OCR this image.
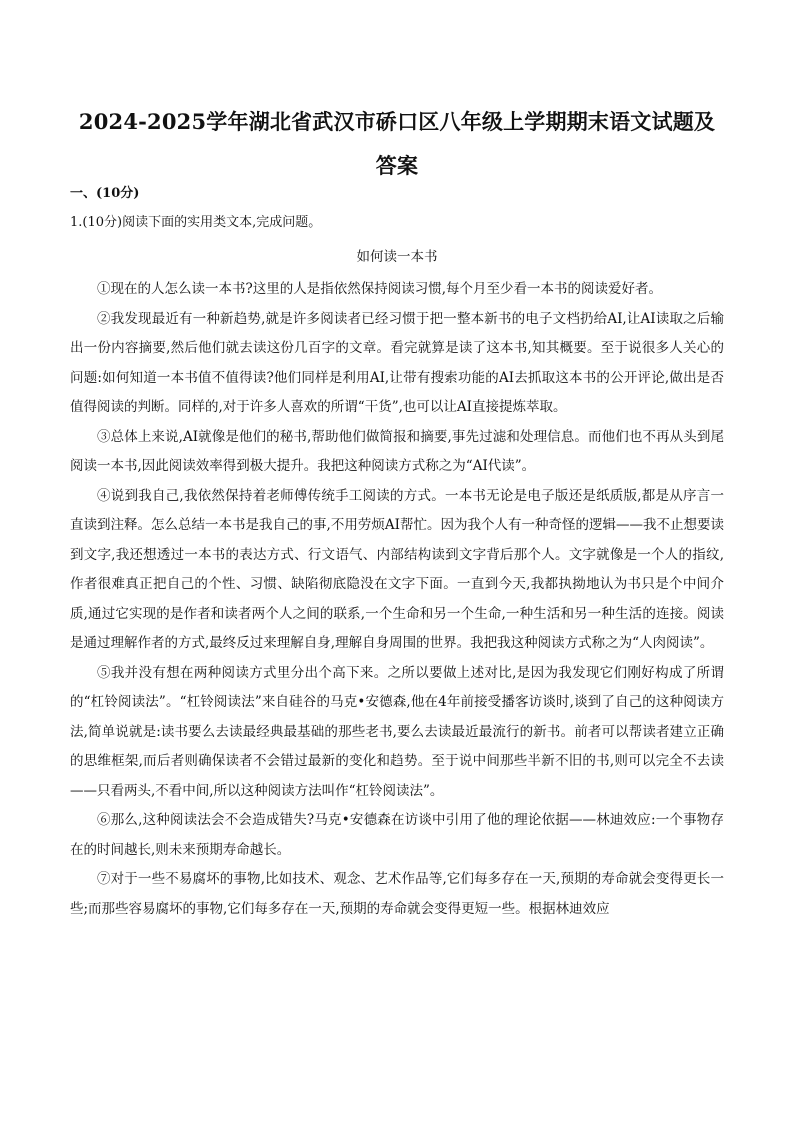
2024-2025学年湖北省武汉市硚口区八年级上学期期末语文试题及答案
一、(10分)
1.(10分)阅读下面的实用类文本,完成问题。
如何读一本书

①现在的人怎么读一本书?这里的人是指依然保持阅读习惯,每个月至少看一本书的阅读爱好者。

②我发现最近有一种新趋势,就是许多阅读者已经习惯于把一整本新书的电子文档扔给AI,让AI读取之后输出一份内容摘要,然后他们就去读这份几百字的文章。看完就算是读了这本书,知其概要。至于说很多人关心的问题:如何知道一本书值不值得读?他们同样是利用AI,让带有搜索功能的AI去抓取这本书的公开评论,做出是否值得阅读的判断。同样的,对于许多人喜欢的所谓“干货”,也可以让AI直接提炼萃取。

③总体上来说,AI就像是他们的秘书,帮助他们做简报和摘要,事先过滤和处理信息。而他们也不再从头到尾阅读一本书,因此阅读效率得到极大提升。我把这种阅读方式称之为“AI代读”。

④说到我自己,我依然保持着老师傅传统手工阅读的方式。一本书无论是电子版还是纸质版,都是从序言一直读到注释。怎么总结一本书是我自己的事,不用劳烦AI帮忙。因为我个人有一种奇怪的逻辑——我不止想要读到文字,我还想透过一本书的表达方式、行文语气、内部结构读到文字背后那个人。文字就像是一个人的指纹,作者很难真正把自己的个性、习惯、缺陷彻底隐没在文字下面。一直到今天,我都执拗地认为书只是个中间介质,通过它实现的是作者和读者两个人之间的联系,一个生命和另一个生命,一种生活和另一种生活的连接。阅读是通过理解作者的方式,最终反过来理解自身,理解自身周围的世界。我把我这种阅读方式称之为“人肉阅读”。

⑤我并没有想在两种阅读方式里分出个高下来。之所以要做上述对比,是因为我发现它们刚好构成了所谓的“杠铃阅读法”。“杠铃阅读法”来自硅谷的马克•安德森,他在4年前接受播客访谈时,谈到了自己的这种阅读方法,简单说就是:读书要么去读最经典最基础的那些老书,要么去读最近最流行的新书。前者可以帮读者建立正确的思维框架,而后者则确保读者不会错过最新的变化和趋势。至于说中间那些半新不旧的书,则可以完全不去读——只看两头,不看中间,所以这种阅读方法叫作“杠铃阅读法”。

⑥那么,这种阅读法会不会造成错失?马克•安德森在访谈中引用了他的理论依据——林迪效应:一个事物存在的时间越长,则未来预期寿命越长。

⑦对于一些不易腐坏的事物,比如技术、观念、艺术作品等,它们每多存在一天,预期的寿命就会变得更长一些;而那些容易腐坏的事物,它们每多存在一天,预期的寿命就会变得更短一些。根据林迪效应
